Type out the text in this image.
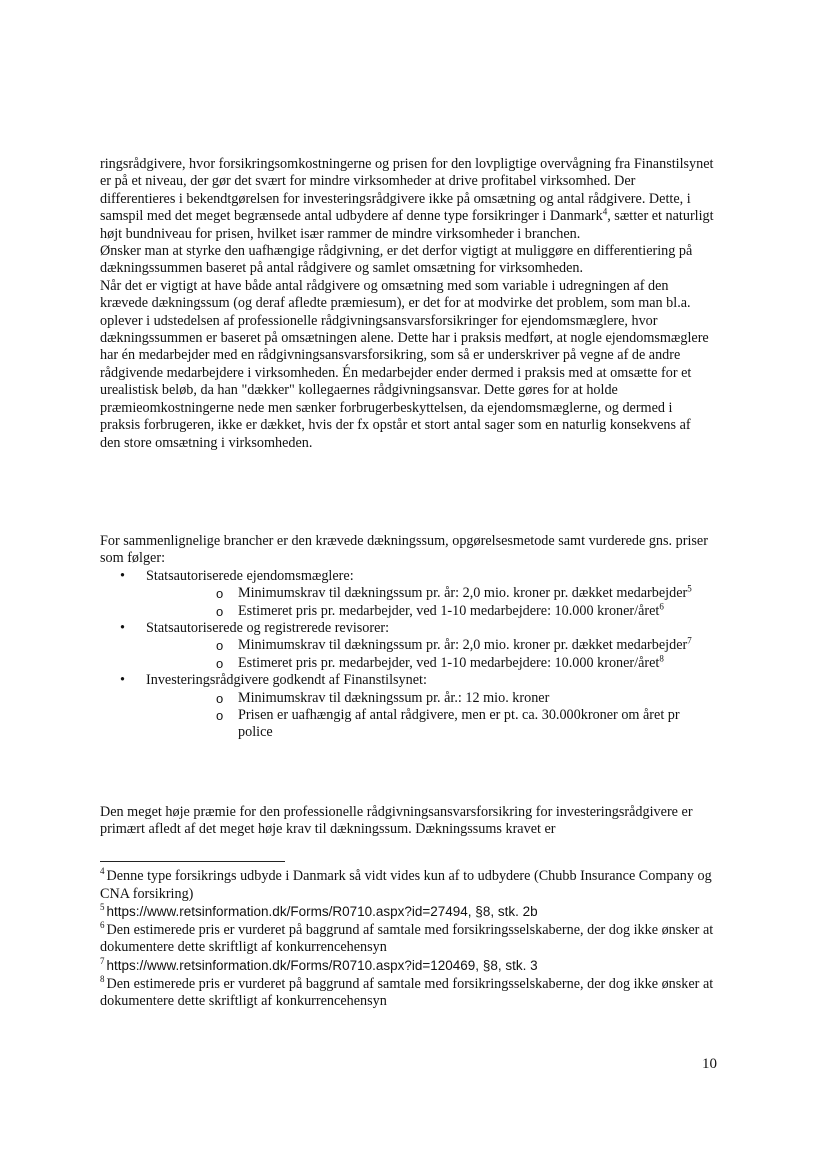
ringsrådgivere, hvor forsikringsomkostningerne og prisen for den lovpligtige overvågning fra Finanstilsynet er på et niveau, der gør det svært for mindre virksomheder at drive profitabel virksomhed. Der differentieres i bekendtgørelsen for investeringsrådgivere ikke på omsætning og antal rådgivere. Dette, i samspil med det meget begrænsede antal udbydere af denne type forsikringer i Danmark$^4$, sætter et naturligt højt bundniveau for prisen, hvilket især rammer de mindre virksomheder i branchen.

Ønsker man at styrke den uafhængige rådgivning, er det derfor vigtigt at muliggøre en differentiering på dækningssummen baseret på antal rådgivere og samlet omsætning for virksomheden.

Når det er vigtigt at have både antal rådgivere og omsætning med som variable i udregningen af den krævede dækningssum (og deraf afledte præmiesum), er det for at modvirke det problem, som man bl.a. oplever i udstedelsen af professionelle rådgivningsansvarsforsikringer for ejendomsmæglere, hvor dækningssummen er baseret på omsætningen alene. Dette har i praksis medført, at nogle ejendomsmæglere har én medarbejder med en rådgivningsansvarsforsikring, som så er underskriver på vegne af de andre rådgivende medarbejdere i virksomheden. Én medarbejder ender dermed i praksis med at omsætte for et urealistisk beløb, da han "dækker" kollegaernes rådgivningsansvar. Dette gøres for at holde præmieomkostningerne nede men sænker forbrugerbeskyttelsen, da ejendomsmæglerne, og dermed i praksis forbrugeren, ikke er dækket, hvis der fx opstår et stort antal sager som en naturlig konsekvens af den store omsætning i virksomheden.

For sammenlignelige brancher er den krævede dækningssum, opgørelsesmetode samt vurderede gns. priser som følger:

• Statsautoriserede ejendomsmæglere:
o Minimumskrav til dækningssum pr. år: 2,0 mio. kroner pr. dækket medarbejder$^5$
o Estimeret pris pr. medarbejder, ved 1-10 medarbejdere: 10.000 kroner/året$^6$
• Statsautoriserede og registrerede revisorer:
o Minimumskrav til dækningssum pr. år: 2,0 mio. kroner pr. dækket medarbejder$^7$
o Estimeret pris pr. medarbejder, ved 1-10 medarbejdere: 10.000 kroner/året$^8$
• Investeringsrådgivere godkendt af Finanstilsynet:
o Minimumskrav til dækningssum pr. år.: 12 mio. kroner
o Prisen er uafhængig af antal rådgivere, men er pt. ca. 30.000kroner om året pr police

Den meget høje præmie for den professionelle rådgivningsansvarsforsikring for investeringsrådgivere er primært afledt af det meget høje krav til dækningssum. Dækningssums kravet er

$^4$ Denne type forsikrings udbyde i Danmark så vidt vides kun af to udbydere (Chubb Insurance Company og CNA forsikring)

$^5$ https://www.retsinformation.dk/Forms/R0710.aspx?id=27494, §8, stk. 2b

$^6$ Den estimerede pris er vurderet på baggrund af samtale med forsikringsselskaberne, der dog ikke ønsker at dokumentere dette skriftligt af konkurrencehensyn

$^7$ https://www.retsinformation.dk/Forms/R0710.aspx?id=120469, §8, stk. 3

$^8$ Den estimerede pris er vurderet på baggrund af samtale med forsikringsselskaberne, der dog ikke ønsker at dokumentere dette skriftligt af konkurrencehensyn

10
